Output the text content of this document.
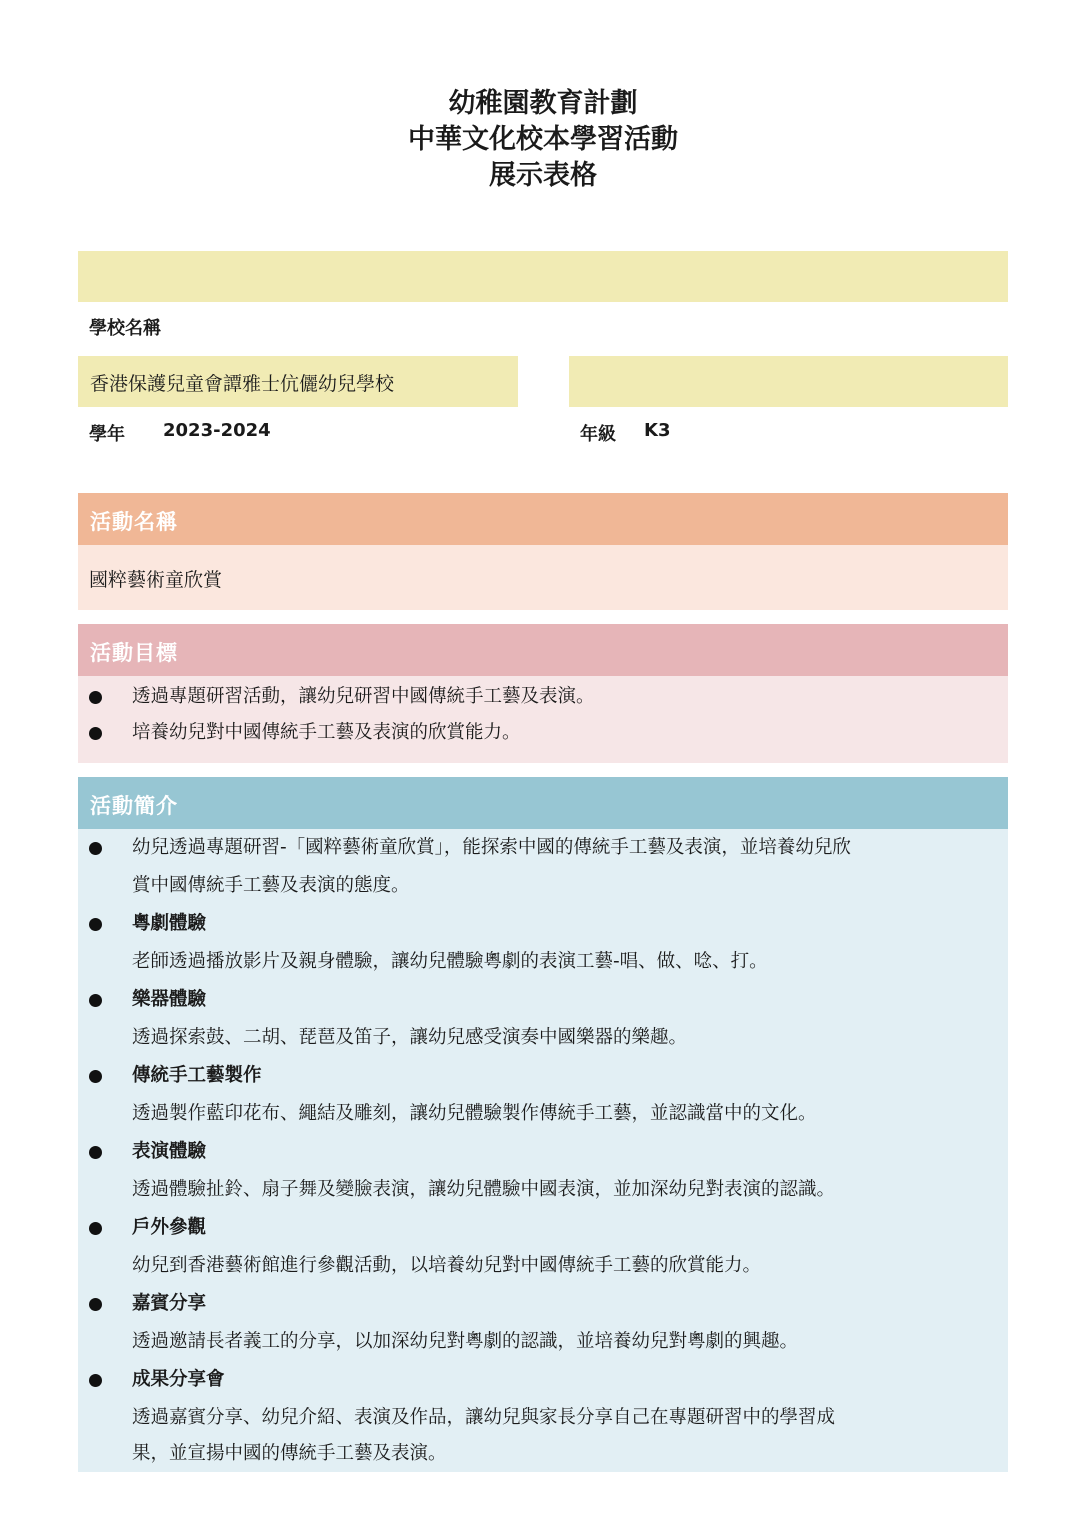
幼稚園教育計劃
中華文化校本學習活動
展示表格
學校名稱
香港保護兒童會譚雅士伉儷幼兒學校
學年 2023-2024	年級 K3
活動名稱
國粹藝術童欣賞
活動目標
透過專題研習活動，讓幼兒研習中國傳統手工藝及表演。
培養幼兒對中國傳統手工藝及表演的欣賞能力。
活動簡介
幼兒透過專題研習-「國粹藝術童欣賞」，能探索中國的傳統手工藝及表演，並培養幼兒欣
賞中國傳統手工藝及表演的態度。
粵劇體驗
老師透過播放影片及親身體驗，讓幼兒體驗粵劇的表演工藝-唱、做、唸、打。
樂器體驗
透過探索鼓、二胡、琵琶及笛子，讓幼兒感受演奏中國樂器的樂趣。
傳統手工藝製作
透過製作藍印花布、繩結及雕刻，讓幼兒體驗製作傳統手工藝，並認識當中的文化。
表演體驗
透過體驗扯鈴、扇子舞及變臉表演，讓幼兒體驗中國表演，並加深幼兒對表演的認識。
戶外參觀
幼兒到香港藝術館進行參觀活動，以培養幼兒對中國傳統手工藝的欣賞能力。
嘉賓分享
透過邀請長者義工的分享，以加深幼兒對粵劇的認識，並培養幼兒對粵劇的興趣。
成果分享會
透過嘉賓分享、幼兒介紹、表演及作品，讓幼兒與家長分享自己在專題研習中的學習成
果，並宣揚中國的傳統手工藝及表演。
